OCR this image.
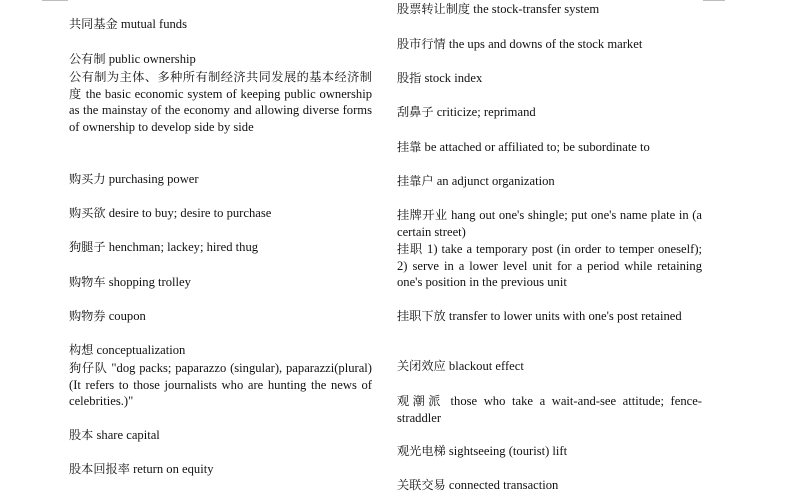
共同基金 mutual funds
公有制 public ownership
公有制为主体、多种所有制经济共同发展的基本经济制度 the basic economic system of keeping public ownership as the mainstay of the economy and allowing diverse forms of ownership to develop side by side
购买力 purchasing power
购买欲 desire to buy; desire to purchase
狗腿子 henchman; lackey; hired thug
购物车 shopping trolley
购物券 coupon
构想 conceptualization
狗仔队 "dog packs; paparazzo (singular), paparazzi(plural) (It refers to those journalists who are hunting the news of celebrities.)"
股本 share capital
股本回报率 return on equity
股票转让制度 the stock-transfer system
股市行情 the ups and downs of the stock market
股指 stock index
刮鼻子 criticize; reprimand
挂靠 be attached or affiliated to; be subordinate to
挂靠户 an adjunct organization
挂牌开业 hang out one's shingle; put one's name plate in (a certain street)
挂职 1) take a temporary post (in order to temper oneself); 2) serve in a lower level unit for a period while retaining one's position in the previous unit
挂职下放 transfer to lower units with one's post retained
关闭效应 blackout effect
观潮派 those who take a wait-and-see attitude; fence-straddler
观光电梯 sightseeing (tourist) lift
关联交易 connected transaction
